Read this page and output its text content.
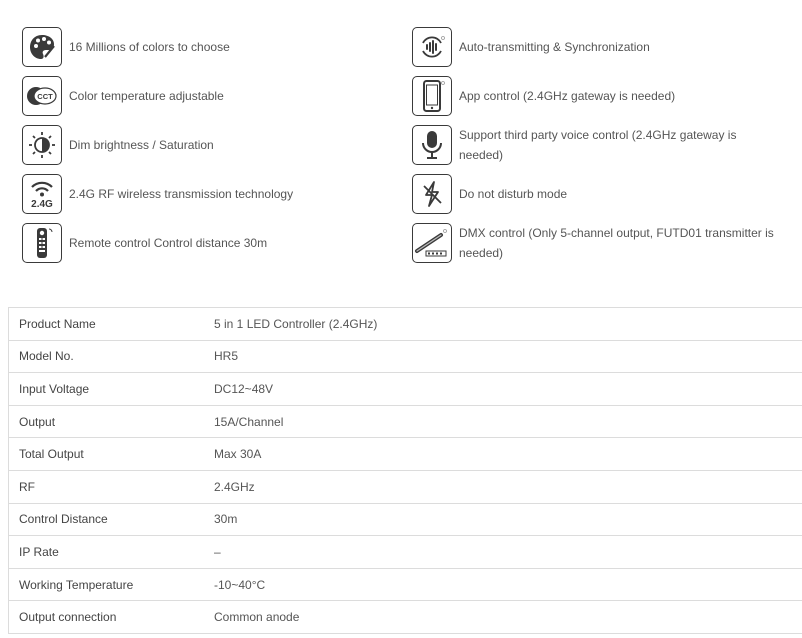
16 Millions of colors to choose
CCT Color temperature adjustable
Dim brightness / Saturation
2.4G
2.4G RF wireless transmission technology
Remote control Control distance 30m
Auto-transmitting & Synchronization
App control (2.4GHz gateway is needed)
Support third party voice control (2.4GHz gateway is needed)
Do not disturb mode
DMX control (Only 5-channel output, FUTD01 transmitter is needed)
Product Name	5 in 1 LED Controller (2.4GHz)
Model No.	HR5
Input Voltage	DC12~48V
Output	15A/Channel
Total Output	Max 30A
RF	2.4GHz
Control Distance	30m
IP Rate	–
Working Temperature	-10~40°C
Output connection	Common anode
